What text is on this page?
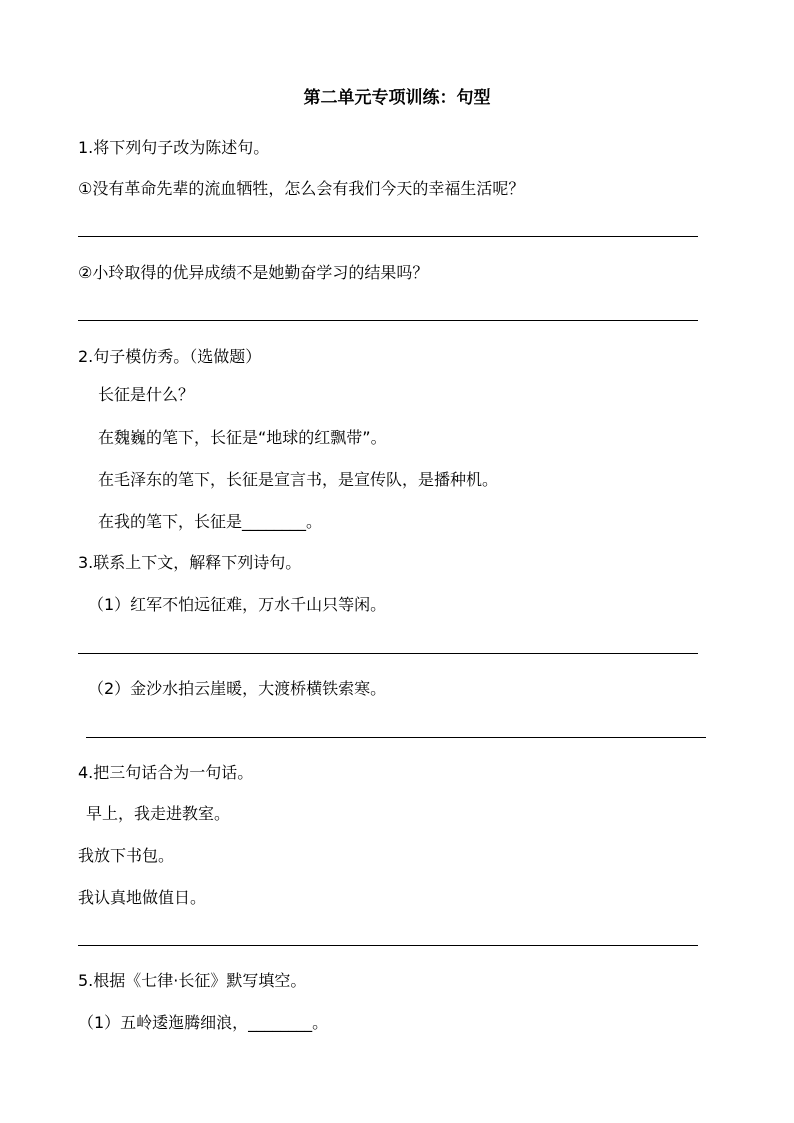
第二单元专项训练：句型
1.将下列句子改为陈述句。
①没有革命先辈的流血牺牲，怎么会有我们今天的幸福生活呢？
②小玲取得的优异成绩不是她勤奋学习的结果吗？
2.句子模仿秀。（选做题）
长征是什么？
在魏巍的笔下，长征是“地球的红飘带”。
在毛泽东的笔下，长征是宣言书，是宣传队，是播种机。
在我的笔下，长征是________。
3.联系上下文，解释下列诗句。
（1）红军不怕远征难，万水千山只等闲。
（2）金沙水拍云崖暖，大渡桥横铁索寒。
4.把三句话合为一句话。
早上，我走进教室。
我放下书包。
我认真地做值日。
5.根据《七律·长征》默写填空。
（1）五岭逶迤腾细浪，________。
